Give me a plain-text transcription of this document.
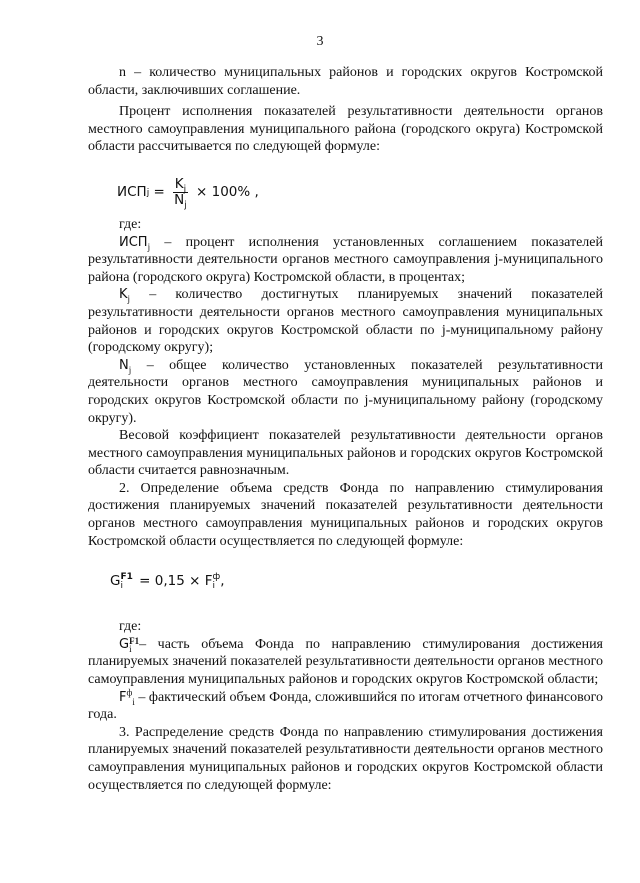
3

n – количество муниципальных районов и городских округов Костромской области, заключивших соглашение.

Процент исполнения показателей результативности деятельности органов местного самоуправления муниципального района (городского округа) Костромской области рассчитывается по следующей формуле:

ИСП $j = \frac{K_j}{N_j} \times 100\%$ ,

где:

$ИСП_j$ – процент исполнения установленных соглашением показателей результативности деятельности органов местного самоуправления j-муниципального района (городского округа) Костромской области, в процентах;

$K_j$ – количество достигнутых планируемых значений показателей результативности деятельности органов местного самоуправления муниципальных районов и городских округов Костромской области по j-муниципальному району (городскому округу);

$N_j$ – общее количество установленных показателей результативности деятельности органов местного самоуправления муниципальных районов и городских округов Костромской области по j-муниципальному району (городскому округу).

Весовой коэффициент показателей результативности деятельности органов местного самоуправления муниципальных районов и городских округов Костромской области считается равнозначным.

2. Определение объема средств Фонда по направлению стимулирования достижения планируемых значений показателей результативности деятельности органов местного самоуправления муниципальных районов и городских округов Костромской области осуществляется по следующей формуле:

G F1
i = 0,15 × F ф
i ,

где:

G F1
i – часть объема Фонда по направлению стимулирования достижения планируемых значений показателей результативности деятельности органов местного самоуправления муниципальных районов и городских округов Костромской области;

$F^ф_i$ – фактический объем Фонда, сложившийся по итогам отчетного финансового года.

3. Распределение средств Фонда по направлению стимулирования достижения планируемых значений показателей результативности деятельности органов местного самоуправления муниципальных районов и городских округов Костромской области осуществляется по следующей формуле:
